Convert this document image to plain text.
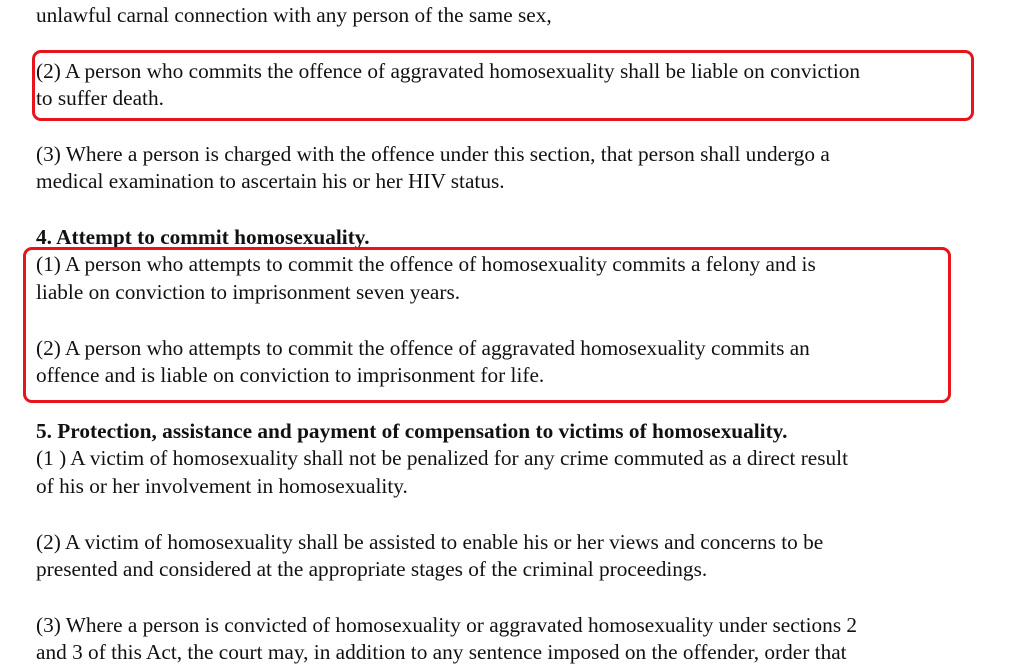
unlawful carnal connection with any person of the same sex,
(2) A person who commits the offence of aggravated homosexuality shall be liable on conviction
to suffer death.
(3) Where a person is charged with the offence under this section, that person shall undergo a
medical examination to ascertain his or her HIV status.
4. Attempt to commit homosexuality.
(1) A person who attempts to commit the offence of homosexuality commits a felony and is
liable on conviction to imprisonment seven years.
(2) A person who attempts to commit the offence of aggravated homosexuality commits an
offence and is liable on conviction to imprisonment for life.
5. Protection, assistance and payment of compensation to victims of homosexuality.
(1 ) A victim of homosexuality shall not be penalized for any crime commuted as a direct result
of his or her involvement in homosexuality.
(2) A victim of homosexuality shall be assisted to enable his or her views and concerns to be
presented and considered at the appropriate stages of the criminal proceedings.
(3) Where a person is convicted of homosexuality or aggravated homosexuality under sections 2
and 3 of this Act, the court may, in addition to any sentence imposed on the offender, order that
